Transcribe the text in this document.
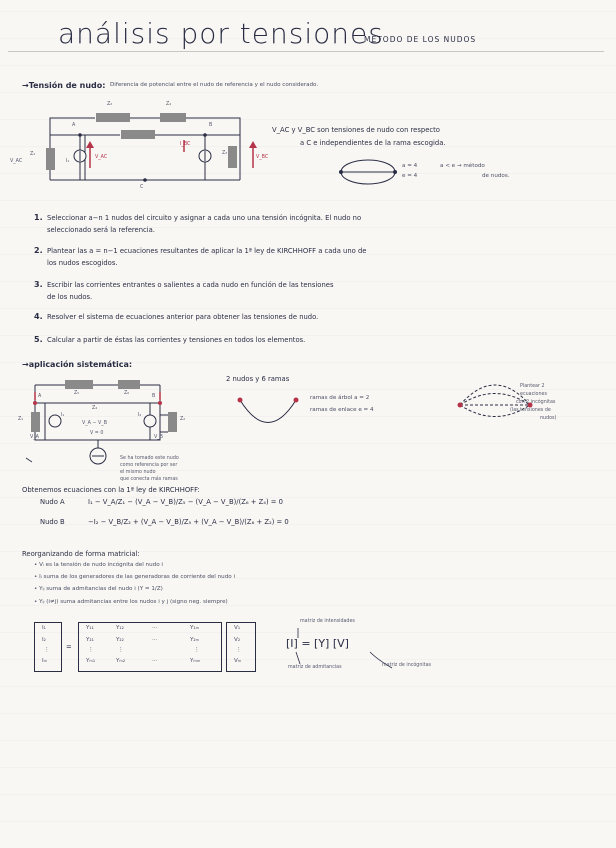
análisis por tensiones
MÉTODO DE LOS NUDOS
→Tensión de nudo: Diferencia de potencial entre el nudo de referencia y el nudo considerado.
Z₂	Z₄
A	B
C
Z₁	Z₃
I₁
V_AC
V_AC
I_BC
V_BC
V_AC y V_BC son tensiones de nudo con respecto
a C e independientes de la rama escogida.
a = 4
e = 4
a < e → método
de nudos.
1. Seleccionar a−n 1 nudos del circuito y asignar a cada uno una tensión incógnita. El nudo no
seleccionado será la referencia.
2. Plantear las a = n−1 ecuaciones resultantes de aplicar la 1ª ley de KIRCHHOFF a cada uno de
los nudos escogidos.
3. Escribir las corrientes entrantes o salientes a cada nudo en función de las tensiones
de los nudos.
4. Resolver el sistema de ecuaciones anterior para obtener las tensiones de nudo.
5. Calcular a partir de éstas las corrientes y tensiones en todos los elementos.
→aplicación sistemática:
2 nudos y 6 ramas
ramas de árbol a = 2
ramas de enlace e = 4
Plantear 2
ecuaciones
con 2 incógnitas
(las tensiones de
nudos)
Z₅	Z₆
Z₄
V_A − V_B
V = 0
V_A	V_B
I₁	I₂
Z₁	Z₂
A	B
Se ha tomado este nudo
como referencia por ser
el mismo nudo
que conecta más ramas
Obtenemos ecuaciones con la 1ª ley de KIRCHHOFF:
Nudo A	I₁ − V_A/Z₁ − (V_A − V_B)/Z₅ − (V_A − V_B)/(Z₆ + Z₄) = 0
Nudo B	−I₂ − V_B/Z₂ + (V_A − V_B)/Z₅ + (V_A − V_B)/(Z₆ + Z₂) = 0
Reorganizando de forma matricial:
• Vᵢ es la tensión de nudo incógnita del nudo i
• Iᵢ suma de los generadores de las generadoras de corriente del nudo i
• Yᵢⱼ suma de admitancias del nudo i (Y = 1/Z)
• Yᵢⱼ (i≠j) suma admitancias entre los nudos i y j (signo neg. siempre)
I₁
I₂
⋮
Iₘ
=
Y₁₁	Y₁₂	···	Y₁ₘ
Y₂₁	Y₂₂	···	Y₂ₘ
⋮	⋮	⋮
Yₘ₁	Yₘ₂	···	Yₘₘ
V₁
V₂
⋮
Vₘ
matriz de intensidades
[I] = [Y] [V]
matriz de admitancias	matriz de incógnitas
